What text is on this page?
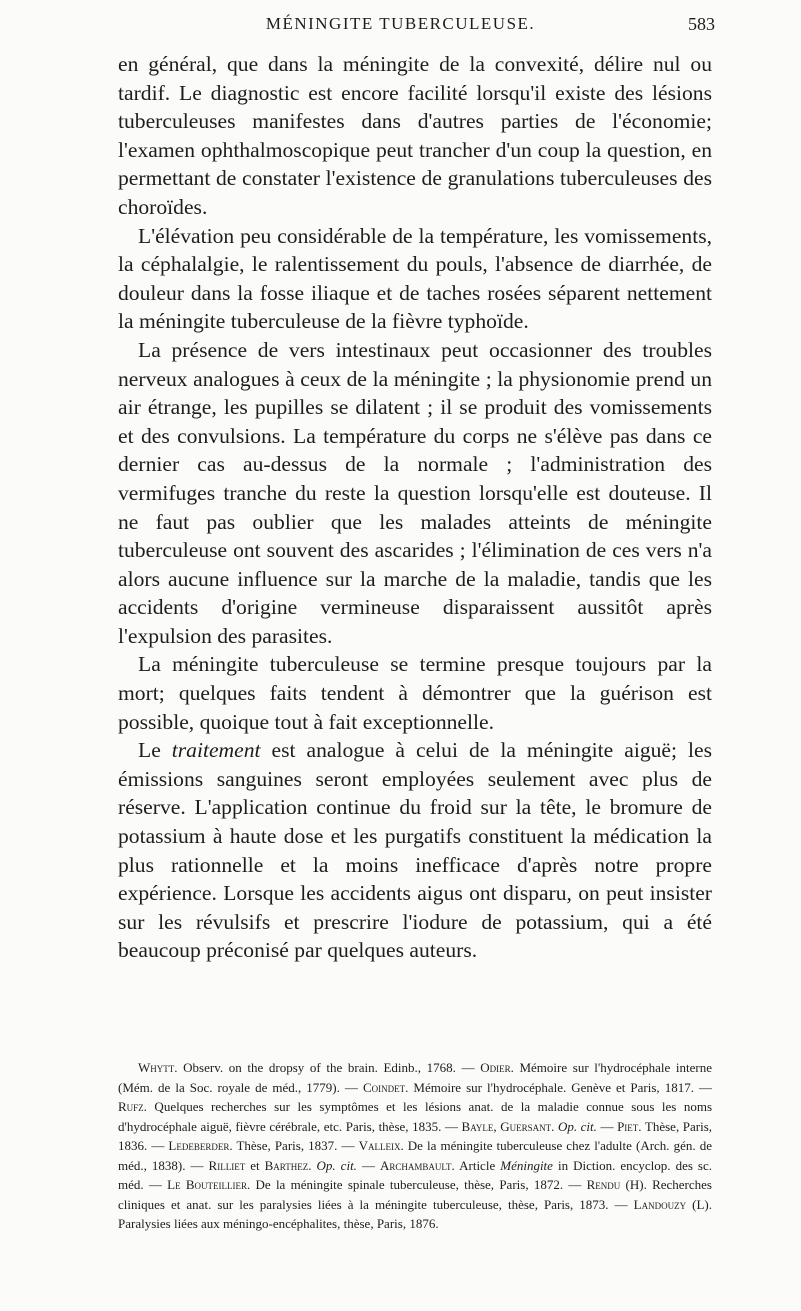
MÉNINGITE TUBERCULEUSE.	583

en général, que dans la méningite de la convexité, délire nul ou tardif. Le diagnostic est encore facilité lorsqu'il existe des lésions tuberculeuses manifestes dans d'autres parties de l'économie; l'examen ophthalmoscopique peut trancher d'un coup la question, en permettant de constater l'existence de granulations tuberculeuses des choroïdes.

L'élévation peu considérable de la température, les vomissements, la céphalalgie, le ralentissement du pouls, l'absence de diarrhée, de douleur dans la fosse iliaque et de taches rosées séparent nettement la méningite tuberculeuse de la fièvre typhoïde.

La présence de vers intestinaux peut occasionner des troubles nerveux analogues à ceux de la méningite ; la physionomie prend un air étrange, les pupilles se dilatent ; il se produit des vomissements et des convulsions. La température du corps ne s'élève pas dans ce dernier cas au-dessus de la normale ; l'administration des vermifuges tranche du reste la question lorsqu'elle est douteuse. Il ne faut pas oublier que les malades atteints de méningite tuberculeuse ont souvent des ascarides ; l'élimination de ces vers n'a alors aucune influence sur la marche de la maladie, tandis que les accidents d'origine vermineuse disparaissent aussitôt après l'expulsion des parasites.

La méningite tuberculeuse se termine presque toujours par la mort; quelques faits tendent à démontrer que la guérison est possible, quoique tout à fait exceptionnelle.

Le traitement est analogue à celui de la méningite aiguë; les émissions sanguines seront employées seulement avec plus de réserve. L'application continue du froid sur la tête, le bromure de potassium à haute dose et les purgatifs constituent la médication la plus rationnelle et la moins inefficace d'après notre propre expérience. Lorsque les accidents aigus ont disparu, on peut insister sur les révulsifs et prescrire l'iodure de potassium, qui a été beaucoup préconisé par quelques auteurs.

Whytt. Observ. on the dropsy of the brain. Edinb., 1768. — Odier. Mémoire sur l'hydrocéphale interne (Mém. de la Soc. royale de méd., 1779). — Coindet. Mémoire sur l'hydrocéphale. Genève et Paris, 1817. — Rufz. Quelques recherches sur les symptômes et les lésions anat. de la maladie connue sous les noms d'hydrocéphale aiguë, fièvre cérébrale, etc. Paris, thèse, 1835. — Bayle, Guersant. Op. cit. — Piet. Thèse, Paris, 1836. — Ledeberder. Thèse, Paris, 1837. — Valleix. De la méningite tuberculeuse chez l'adulte (Arch. gén. de méd., 1838). — Rilliet et Barthez. Op. cit. — Archambault. Article Méningite in Diction. encyclop. des sc. méd. — Le Bouteillier. De la méningite spinale tuberculeuse, thèse, Paris, 1872. — Rendu (H). Recherches cliniques et anat. sur les paralysies liées à la méningite tuberculeuse, thèse, Paris, 1873. — Landouzy (L). Paralysies liées aux méningo-encéphalites, thèse, Paris, 1876.
